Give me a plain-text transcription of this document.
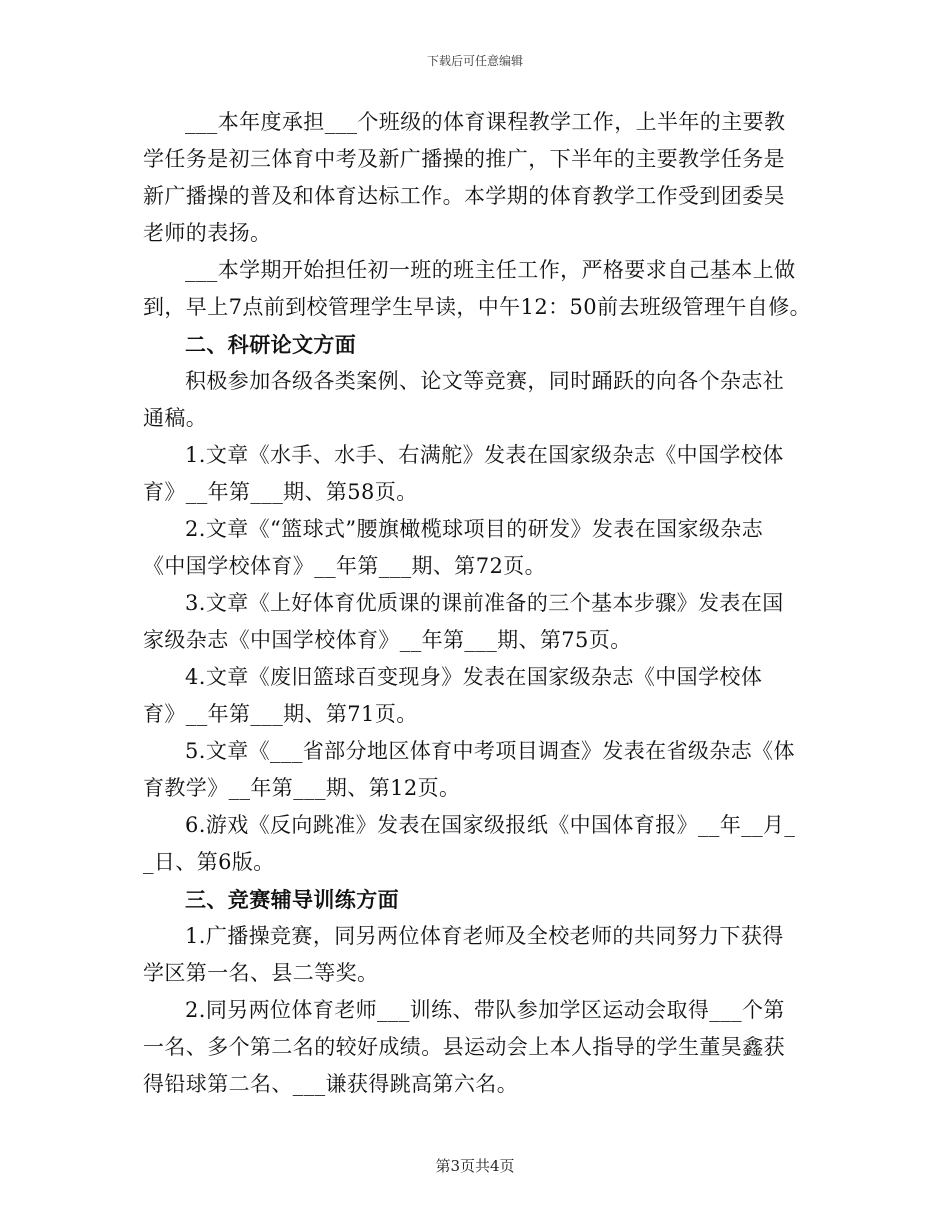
下载后可任意编辑
___本年度承担___个班级的体育课程教学工作，上半年的主要教
学任务是初三体育中考及新广播操的推广，下半年的主要教学任务是
新广播操的普及和体育达标工作。本学期的体育教学工作受到团委吴
老师的表扬。
___本学期开始担任初一班的班主任工作，严格要求自己基本上做
到，早上7点前到校管理学生早读，中午12：50前去班级管理午自修。
二、科研论文方面
积极参加各级各类案例、论文等竞赛，同时踊跃的向各个杂志社
通稿。
1.文章《水手、水手、右满舵》发表在国家级杂志《中国学校体
育》__年第___期、第58页。
2.文章《“篮球式”腰旗橄榄球项目的研发》发表在国家级杂志
《中国学校体育》__年第___期、第72页。
3.文章《上好体育优质课的课前准备的三个基本步骤》发表在国
家级杂志《中国学校体育》__年第___期、第75页。
4.文章《废旧篮球百变现身》发表在国家级杂志《中国学校体
育》__年第___期、第71页。
5.文章《___省部分地区体育中考项目调查》发表在省级杂志《体
育教学》__年第___期、第12页。
6.游戏《反向跳准》发表在国家级报纸《中国体育报》__年__月_
_日、第6版。
三、竞赛辅导训练方面
1.广播操竞赛，同另两位体育老师及全校老师的共同努力下获得
学区第一名、县二等奖。
2.同另两位体育老师___训练、带队参加学区运动会取得___个第
一名、多个第二名的较好成绩。县运动会上本人指导的学生董昊鑫获
得铅球第二名、___谦获得跳高第六名。
第3页共4页
